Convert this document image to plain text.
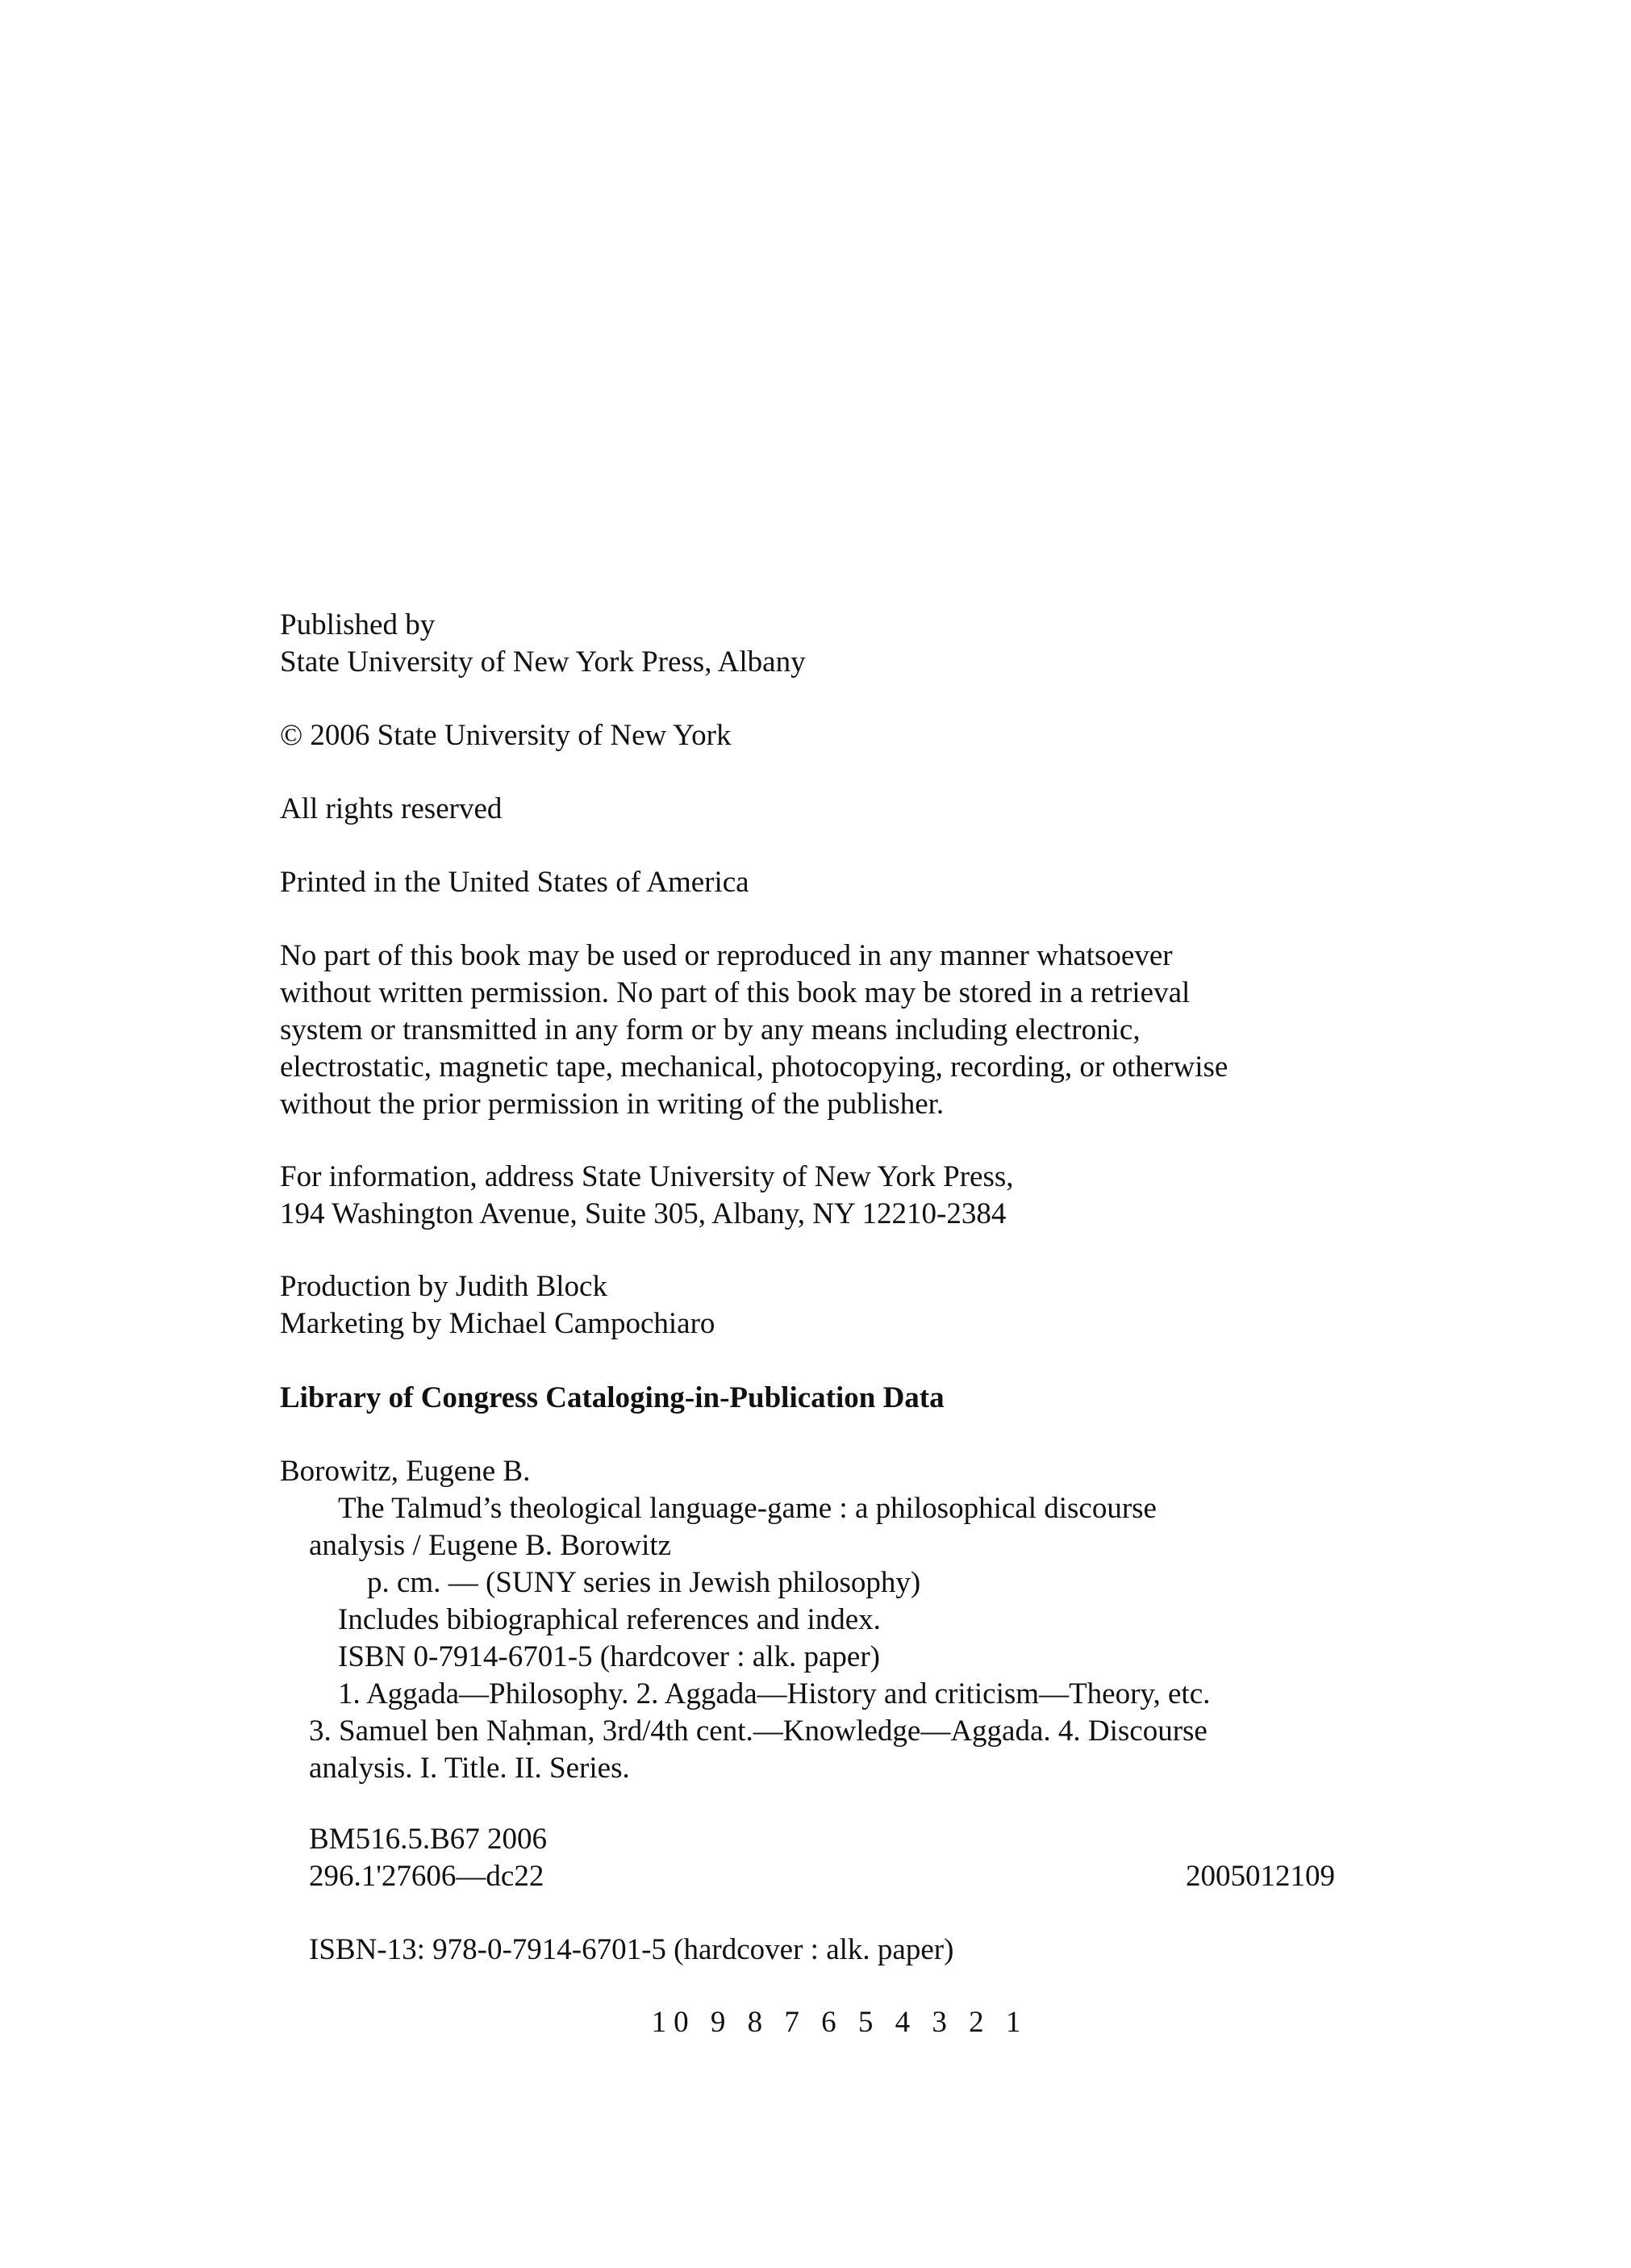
Published by
State University of New York Press, Albany
© 2006 State University of New York
All rights reserved
Printed in the United States of America
No part of this book may be used or reproduced in any manner whatsoever
without written permission. No part of this book may be stored in a retrieval
system or transmitted in any form or by any means including electronic,
electrostatic, magnetic tape, mechanical, photocopying, recording, or otherwise
without the prior permission in writing of the publisher.
For information, address State University of New York Press,
194 Washington Avenue, Suite 305, Albany, NY 12210-2384
Production by Judith Block
Marketing by Michael Campochiaro
Library of Congress Cataloging-in-Publication Data
Borowitz, Eugene B.
The Talmud’s theological language-game : a philosophical discourse
analysis / Eugene B. Borowitz
p. cm. — (SUNY series in Jewish philosophy)
Includes bibiographical references and index.
ISBN 0-7914-6701-5 (hardcover : alk. paper)
1. Aggada—Philosophy. 2. Aggada—History and criticism—Theory, etc.
3. Samuel ben Naḥman, 3rd/4th cent.—Knowledge—Aggada. 4. Discourse
analysis. I. Title. II. Series.
BM516.5.B67 2006
296.1'27606—dc22	2005012109
ISBN-13: 978-0-7914-6701-5 (hardcover : alk. paper)
10 9 8 7 6 5 4 3 2 1
